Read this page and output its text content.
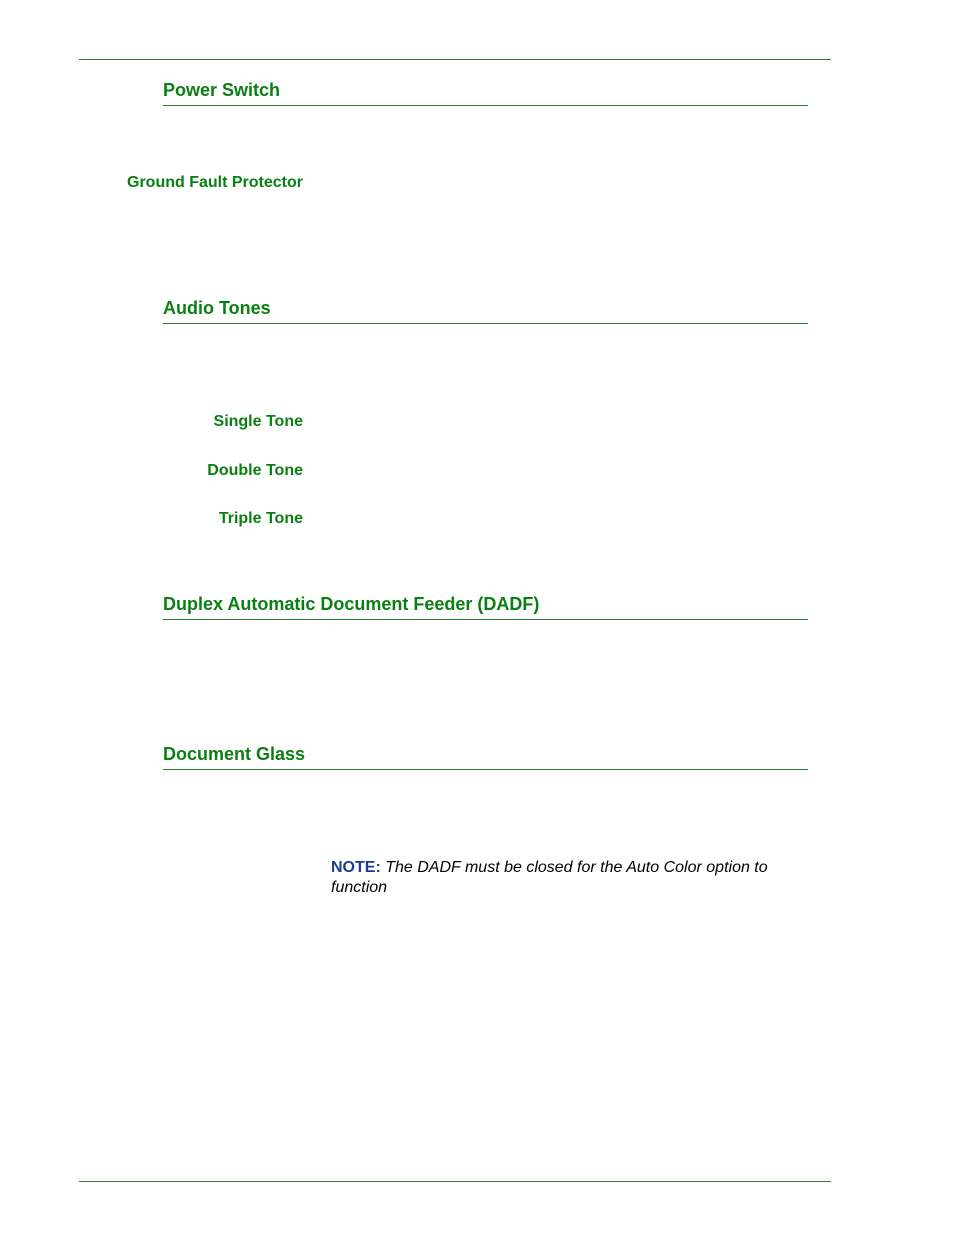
Power Switch

Ground Fault Protector

Audio Tones

Single Tone

Double Tone

Triple Tone

Duplex Automatic Document Feeder (DADF)
Document Glass

NOTE: The DADF must be closed for the Auto Color option to function
